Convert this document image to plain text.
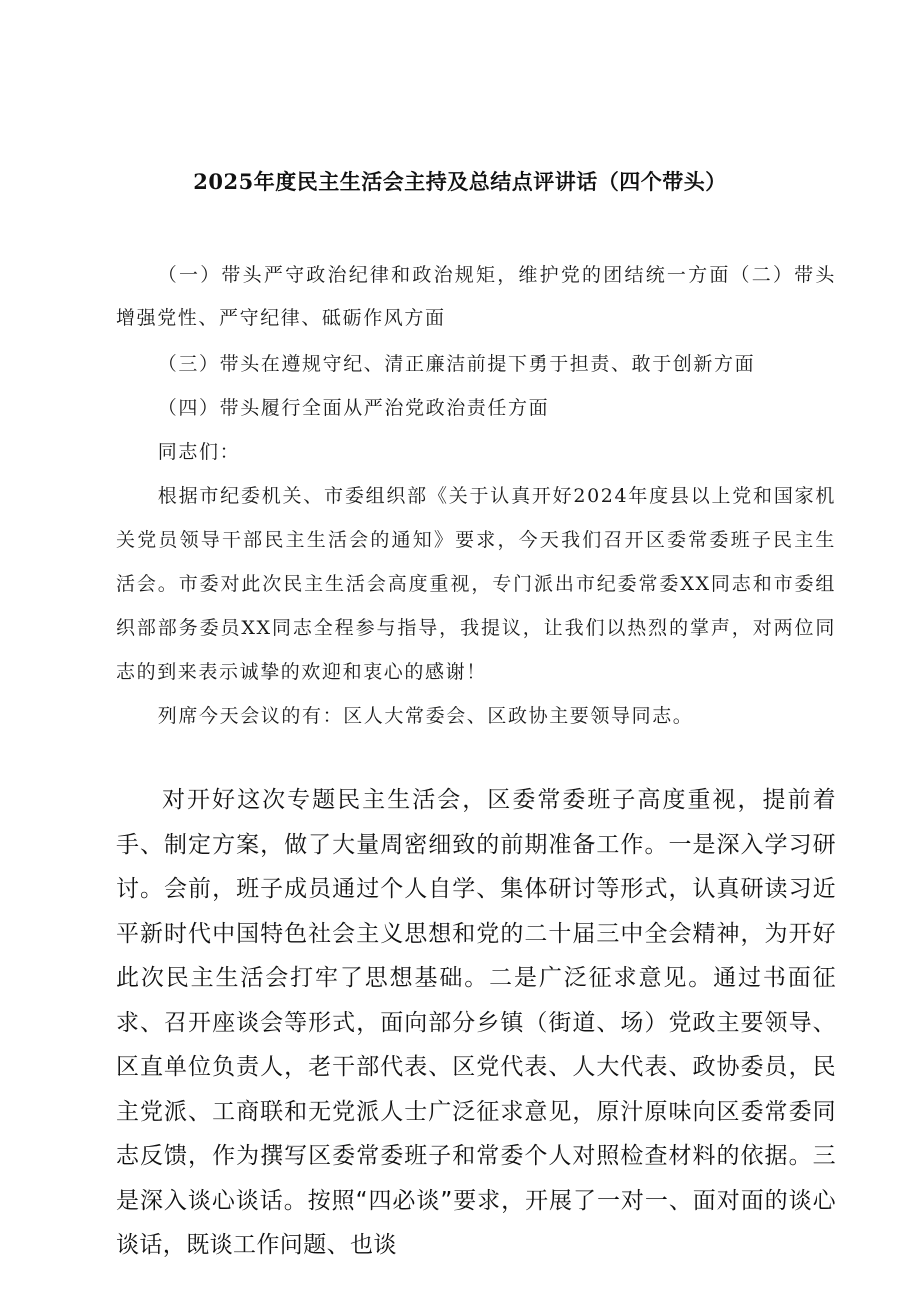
2025年度民主生活会主持及总结点评讲话（四个带头）

（一）带头严守政治纪律和政治规矩，维护党的团结统一方面（二）带头增强党性、严守纪律、砥砺作风方面

（三）带头在遵规守纪、清正廉洁前提下勇于担责、敢于创新方面

（四）带头履行全面从严治党政治责任方面

同志们：

根据市纪委机关、市委组织部《关于认真开好2024年度县以上党和国家机关党员领导干部民主生活会的通知》要求，今天我们召开区委常委班子民主生活会。市委对此次民主生活会高度重视，专门派出市纪委常委XX同志和市委组织部部务委员XX同志全程参与指导，我提议，让我们以热烈的掌声，对两位同志的到来表示诚挚的欢迎和衷心的感谢！

列席今天会议的有：区人大常委会、区政协主要领导同志。

对开好这次专题民主生活会，区委常委班子高度重视，提前着手、制定方案，做了大量周密细致的前期准备工作。一是深入学习研讨。会前，班子成员通过个人自学、集体研讨等形式，认真研读习近平新时代中国特色社会主义思想和党的二十届三中全会精神，为开好此次民主生活会打牢了思想基础。二是广泛征求意见。通过书面征求、召开座谈会等形式，面向部分乡镇（街道、场）党政主要领导、区直单位负责人，老干部代表、区党代表、人大代表、政协委员，民主党派、工商联和无党派人士广泛征求意见，原汁原味向区委常委同志反馈，作为撰写区委常委班子和常委个人对照检查材料的依据。三是深入谈心谈话。按照“四必谈”要求，开展了一对一、面对面的谈心谈话，既谈工作问题、也谈
